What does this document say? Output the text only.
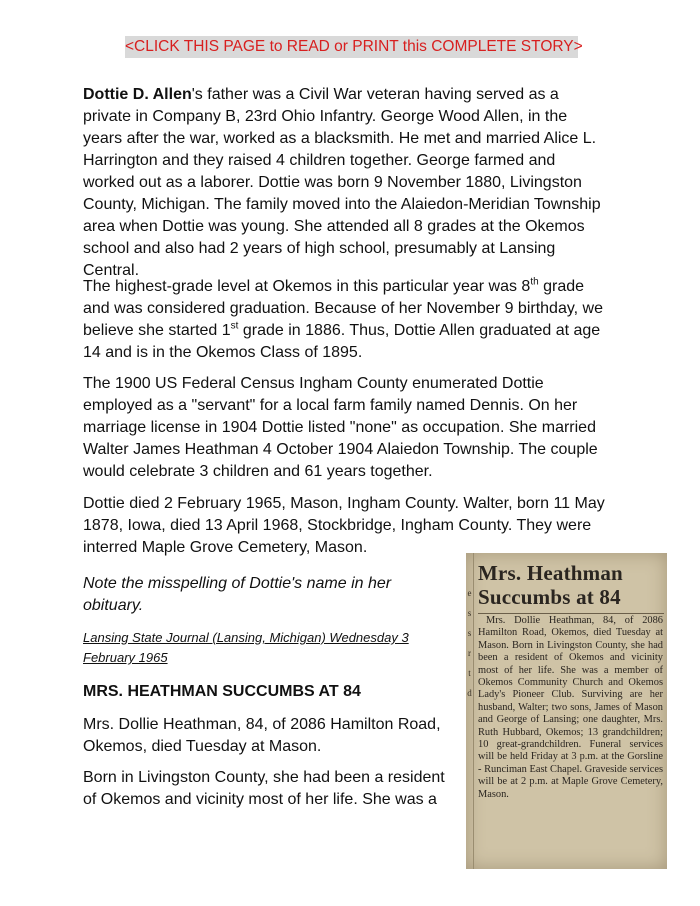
<CLICK THIS PAGE to READ or PRINT this COMPLETE STORY>

Dottie D. Allen's father was a Civil War veteran having served as a private in Company B, 23rd Ohio Infantry. George Wood Allen, in the years after the war, worked as a blacksmith. He met and married Alice L. Harrington and they raised 4 children together. George farmed and worked out as a laborer. Dottie was born 9 November 1880, Livingston County, Michigan. The family moved into the Alaiedon-Meridian Township area when Dottie was young. She attended all 8 grades at the Okemos school and also had 2 years of high school, presumably at Lansing Central.

The highest-grade level at Okemos in this particular year was 8th grade and was considered graduation. Because of her November 9 birthday, we believe she started 1st grade in 1886. Thus, Dottie Allen graduated at age 14 and is in the Okemos Class of 1895.

The 1900 US Federal Census Ingham County enumerated Dottie employed as a "servant" for a local farm family named Dennis. On her marriage license in 1904 Dottie listed "none" as occupation. She married Walter James Heathman 4 October 1904 Alaiedon Township. The couple would celebrate 3 children and 61 years together.

Dottie died 2 February 1965, Mason, Ingham County. Walter, born 11 May 1878, Iowa, died 13 April 1968, Stockbridge, Ingham County. They were interred Maple Grove Cemetery, Mason.

Note the misspelling of Dottie's name in her obituary.

Lansing State Journal (Lansing, Michigan) Wednesday 3 February 1965

MRS. HEATHMAN SUCCUMBS AT 84

Mrs. Dollie Heathman, 84, of 2086 Hamilton Road, Okemos, died Tuesday at Mason.

Born in Livingston County, she had been a resident of Okemos and vicinity most of her life. She was a

e s s r t d

Mrs. Heathman Succumbs at 84

Mrs. Dollie Heathman, 84, of 2086 Hamilton Road, Okemos, died Tuesday at Mason. Born in Livingston County, she had been a resident of Okemos and vicinity most of her life. She was a member of Okemos Community Church and Okemos Lady's Pioneer Club. Surviving are her husband, Walter; two sons, James of Mason and George of Lansing; one daughter, Mrs. Ruth Hubbard, Okemos; 13 grandchildren; 10 great-grandchildren. Funeral services will be held Friday at 3 p.m. at the Gorsline - Runciman East Chapel. Graveside services will be at 2 p.m. at Maple Grove Cemetery, Mason.
